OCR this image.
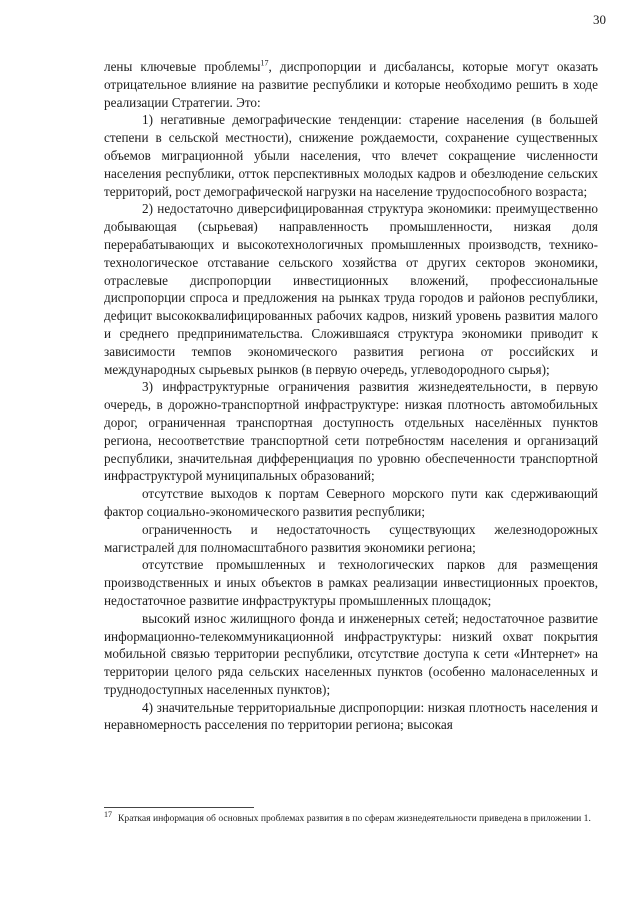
30

лены ключевые проблемы$^{17}$, диспропорции и дисбалансы, которые могут оказать отрицательное влияние на развитие республики и которые необходимо решить в ходе реализации Стратегии. Это:

1) негативные демографические тенденции: старение населения (в большей степени в сельской местности), снижение рождаемости, сохранение существенных объемов миграционной убыли населения, что влечет сокращение численности населения республики, отток перспективных молодых кадров и обезлюдение сельских территорий, рост демографической нагрузки на население трудоспособного возраста;

2) недостаточно диверсифицированная структура экономики: преимущественно добывающая (сырьевая) направленность промышленности, низкая доля перерабатывающих и высокотехнологичных промышленных производств, технико-технологическое отставание сельского хозяйства от других секторов экономики, отраслевые диспропорции инвестиционных вложений, профессиональные диспропорции спроса и предложения на рынках труда городов и районов республики, дефицит высококвалифицированных рабочих кадров, низкий уровень развития малого и среднего предпринимательства. Сложившаяся структура экономики приводит к зависимости темпов экономического развития региона от российских и международных сырьевых рынков (в первую очередь, углеводородного сырья);

3) инфраструктурные ограничения развития жизнедеятельности, в первую очередь, в дорожно-транспортной инфраструктуре: низкая плотность автомобильных дорог, ограниченная транспортная доступность отдельных населённых пунктов региона, несоответствие транспортной сети потребностям населения и организаций республики, значительная дифференциация по уровню обеспеченности транспортной инфраструктурой муниципальных образований;

отсутствие выходов к портам Северного морского пути как сдерживающий фактор социально-экономического развития республики;

ограниченность и недостаточность существующих железнодорожных магистралей для полномасштабного развития экономики региона;

отсутствие промышленных и технологических парков для размещения производственных и иных объектов в рамках реализации инвестиционных проектов, недостаточное развитие инфраструктуры промышленных площадок;

высокий износ жилищного фонда и инженерных сетей; недостаточное развитие информационно-телекоммуникационной инфраструктуры: низкий охват покрытия мобильной связью территории республики, отсутствие доступа к сети «Интернет» на территории целого ряда сельских населенных пунктов (особенно малонаселенных и труднодоступных населенных пунктов);

4) значительные территориальные диспропорции: низкая плотность населения и неравномерность расселения по территории региона; высокая

$^{17}$ Краткая информация об основных проблемах развития в по сферам жизнедеятельности приведена в приложении 1.
